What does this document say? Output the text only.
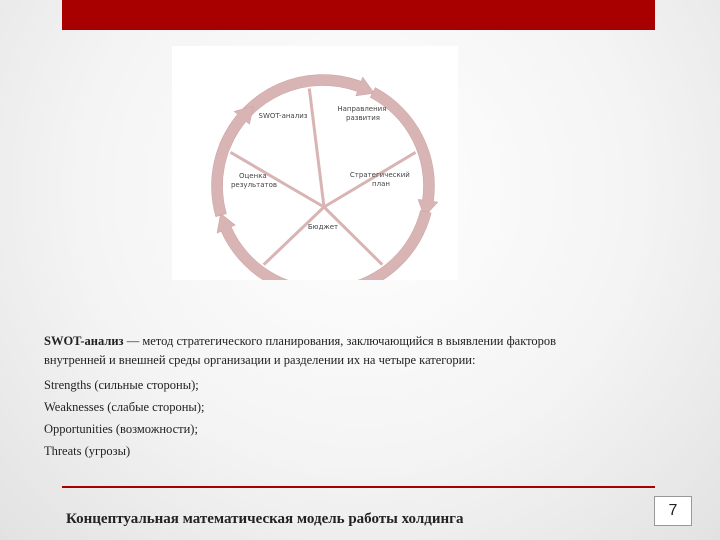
SWOT-анализ
Направления развития
Стратегический план
Бюджет
Оценка результатов

SWOT-анализ — метод стратегического планирования, заключающийся в выявлении факторов
внутренней и внешней среды организации и разделении их на четыре категории:

Strengths (сильные стороны);
Weaknesses (слабые стороны);
Opportunities (возможности);
Threats (угрозы)
Концептуальная математическая модель работы холдинга	7
